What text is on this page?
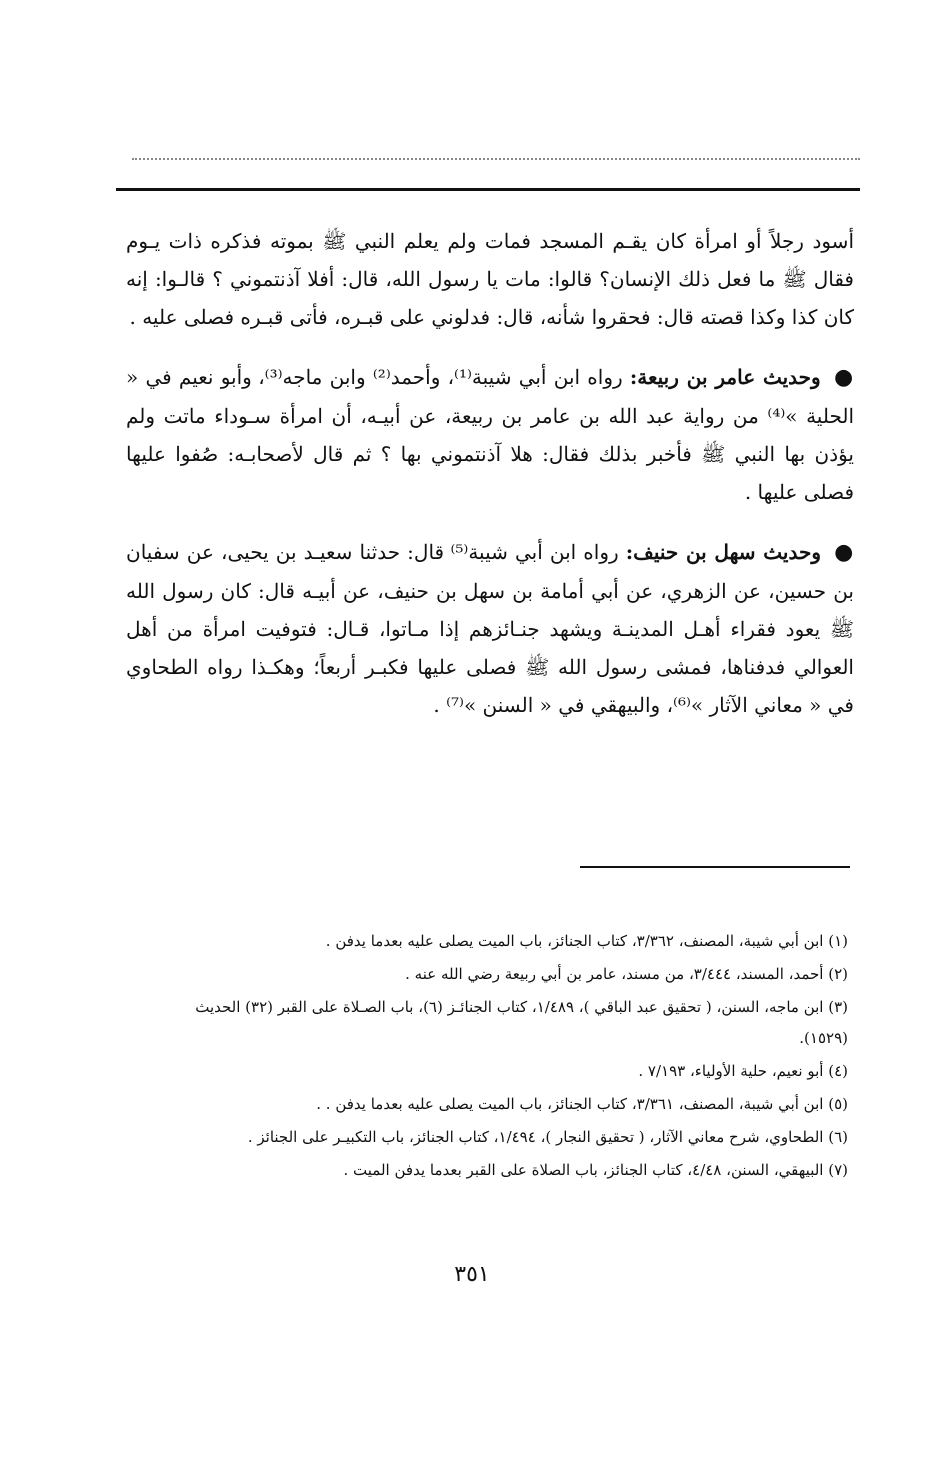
أسود رجلاً أو امرأة كان يقـم المسجد فمات ولم يعلم النبي ﷺ بموته فذكره ذات يـوم فقال ﷺ ما فعل ذلك الإنسان؟ قالوا: مات يا رسول الله، قال: أفلا آذنتموني ؟ قالـوا: إنه كان كذا وكذا قصته قال: فحقروا شأنه، قال: فدلوني على قبـره، فأتى قبـره فصلى عليه .

● وحديث عامر بن ربيعة: رواه ابن أبي شيبة⁽¹⁾، وأحمد⁽²⁾ وابن ماجه⁽³⁾، وأبو نعيم في « الحلية »⁽⁴⁾ من رواية عبد الله بن عامر بن ربيعة، عن أبيـه، أن امرأة سـوداء ماتت ولم يؤذن بها النبي ﷺ فأخبر بذلك فقال: هلا آذنتموني بها ؟ ثم قال لأصحابـه: صُفوا عليها فصلى عليها .

● وحديث سهل بن حنيف: رواه ابن أبي شيبة⁽⁵⁾ قال: حدثنا سعيـد بن يحيى، عن سفيان بن حسين، عن الزهري، عن أبي أمامة بن سهل بن حنيف، عن أبيـه قال: كان رسول الله ﷺ يعود فقراء أهـل المدينـة ويشهد جنـائزهم إذا مـاتوا، قـال: فتوفيت امرأة من أهل العوالي فدفناها، فمشى رسول الله ﷺ فصلى عليها فكبـر أربعاً؛ وهكـذا رواه الطحاوي في « معاني الآثار »⁽⁶⁾، والبيهقي في « السنن »⁽⁷⁾ .

(١) ابن أبي شيبة، المصنف، ٣/٣٦٢، كتاب الجنائز، باب الميت يصلى عليه بعدما يدفن .
(٢) أحمد، المسند، ٣/٤٤٤، من مسند، عامر بن أبي ربيعة رضي الله عنه .
(٣) ابن ماجه، السنن، ( تحقيق عبد الباقي )، ١/٤٨٩، كتاب الجنائـز (٦)، باب الصـلاة على القبر (٣٢) الحديث (١٥٢٩).
(٤) أبو نعيم، حلية الأولياء، ٧/١٩٣ .
(٥) ابن أبي شيبة، المصنف، ٣/٣٦١، كتاب الجنائز، باب الميت يصلى عليه بعدما يدفن . .
(٦) الطحاوي، شرح معاني الآثار، ( تحقيق النجار )، ١/٤٩٤، كتاب الجنائز، باب التكبيـر على الجنائز .
(٧) البيهقي، السنن، ٤/٤٨، كتاب الجنائز، باب الصلاة على القبر بعدما يدفن الميت .
٣٥١
